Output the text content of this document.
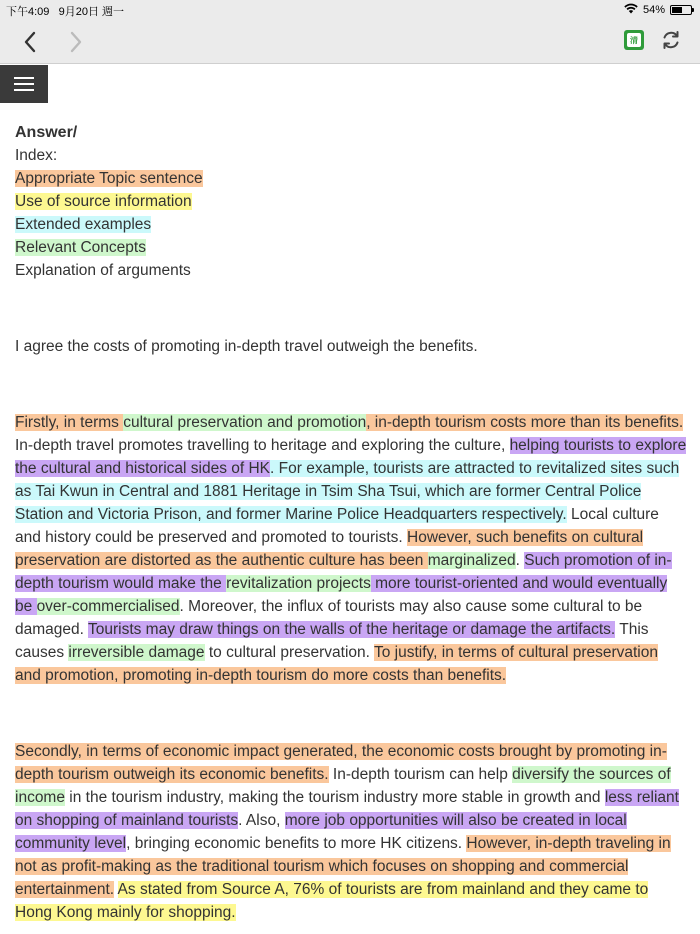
下午4:09 9月20日 週一	54%
清

Answer/

Index:

Appropriate Topic sentence

Use of source information

Extended examples

Relevant Concepts

Explanation of arguments

I agree the costs of promoting in-depth travel outweigh the benefits.

Firstly, in terms cultural preservation and promotion, in-depth tourism costs more than its benefits. In-depth travel promotes travelling to heritage and exploring the culture, helping tourists to explore the cultural and historical sides of HK. For example, tourists are attracted to revitalized sites such as Tai Kwun in Central and 1881 Heritage in Tsim Sha Tsui, which are former Central Police Station and Victoria Prison, and former Marine Police Headquarters respectively. Local culture and history could be preserved and promoted to tourists. However, such benefits on cultural preservation are distorted as the authentic culture has been marginalized. Such promotion of in-depth tourism would make the revitalization projects more tourist-oriented and would eventually be over-commercialised. Moreover, the influx of tourists may also cause some cultural to be damaged. Tourists may draw things on the walls of the heritage or damage the artifacts. This causes irreversible damage to cultural preservation. To justify, in terms of cultural preservation and promotion, promoting in-depth tourism do more costs than benefits.

Secondly, in terms of economic impact generated, the economic costs brought by promoting in-depth tourism outweigh its economic benefits. In-depth tourism can help diversify the sources of income in the tourism industry, making the tourism industry more stable in growth and less reliant on shopping of mainland tourists. Also, more job opportunities will also be created in local community level, bringing economic benefits to more HK citizens. However, in-depth traveling in not as profit-making as the traditional tourism which focuses on shopping and commercial entertainment. As stated from Source A, 76% of tourists are from mainland and they came to Hong Kong mainly for shopping.
